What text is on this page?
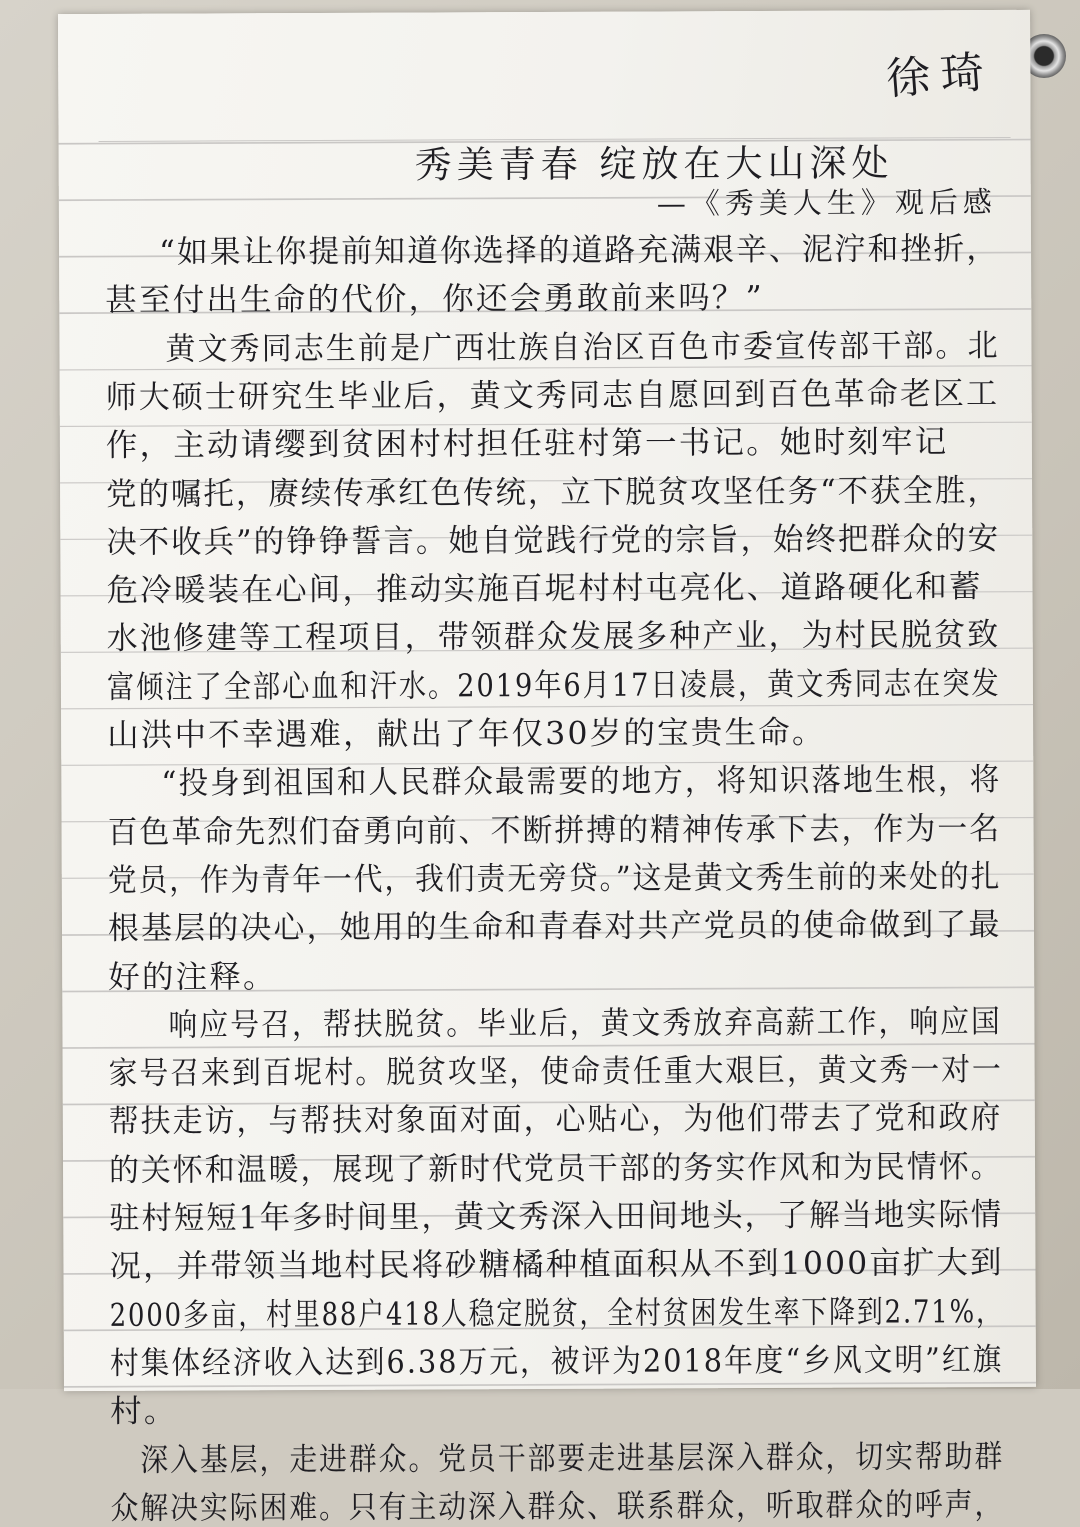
徐琦
秀美青春 绽放在大山深处
—《秀美人生》观后感
“如果让你提前知道你选择的道路充满艰辛、泥泞和挫折，
甚至付出生命的代价，你还会勇敢前来吗？”
黄文秀同志生前是广西壮族自治区百色市委宣传部干部。北
师大硕士研究生毕业后，黄文秀同志自愿回到百色革命老区工
作，主动请缨到贫困村村担任驻村第一书记。她时刻牢记
党的嘱托，赓续传承红色传统，立下脱贫攻坚任务“不获全胜，
决不收兵”的铮铮誓言。她自觉践行党的宗旨，始终把群众的安
危冷暖装在心间，推动实施百坭村村屯亮化、道路硬化和蓄
水池修建等工程项目，带领群众发展多种产业，为村民脱贫致
富倾注了全部心血和汗水。2019年6月17日凌晨，黄文秀同志在突发
山洪中不幸遇难，献出了年仅30岁的宝贵生命。
“投身到祖国和人民群众最需要的地方，将知识落地生根，将
百色革命先烈们奋勇向前、不断拼搏的精神传承下去，作为一名
党员，作为青年一代，我们责无旁贷。”这是黄文秀生前的来处的扎
根基层的决心，她用的生命和青春对共产党员的使命做到了最
好的注释。
响应号召，帮扶脱贫。毕业后，黄文秀放弃高薪工作，响应国
家号召来到百坭村。脱贫攻坚，使命责任重大艰巨，黄文秀一对一
帮扶走访，与帮扶对象面对面，心贴心，为他们带去了党和政府
的关怀和温暖，展现了新时代党员干部的务实作风和为民情怀。
驻村短短1年多时间里，黄文秀深入田间地头，了解当地实际情
况，并带领当地村民将砂糖橘种植面积从不到1000亩扩大到
2000多亩，村里88户418人稳定脱贫，全村贫困发生率下降到2.71%，
村集体经济收入达到6.38万元，被评为2018年度“乡风文明”红旗
村。
深入基层，走进群众。党员干部要走进基层深入群众，切实帮助群
众解决实际困难。只有主动深入群众、联系群众，听取群众的呼声，
